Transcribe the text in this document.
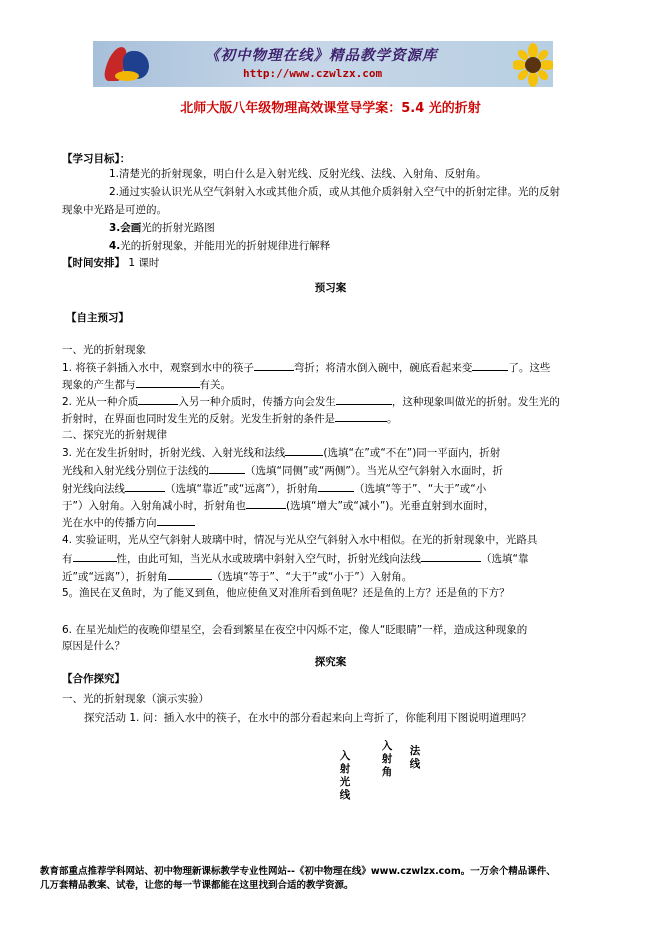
《初中物理在线》精品教学资源库
http://www.czwlzx.com
北师大版八年级物理高效课堂导学案：5.4 光的折射
【学习目标】：
1.清楚光的折射现象，明白什么是入射光线、反射光线、法线、入射角、反射角。
2.通过实验认识光从空气斜射入水或其他介质，或从其他介质斜射入空气中的折射定律。光的反射
现象中光路是可逆的。
3.会画光的折射光路图
4.光的折射现象，并能用光的折射规律进行解释
【时间安排】 1 课时
预习案
【自主预习】
一、光的折射现象
1. 将筷子斜插入水中，观察到水中的筷子	弯折；将清水倒入碗中，碗底看起来变	了。这些
现象的产生都与	有关。
2. 光从一种介质	入另一种介质时，传播方向会发生	，这种现象叫做光的折射。发生光的
折射时，在界面也同时发生光的反射。光发生折射的条件是	。
二、探究光的折射规律
3. 光在发生折射时，折射光线、入射光线和法线	(选填“在”或“不在”)同一平面内，折射
光线和入射光线分别位于法线的	（选填“同侧”或“两侧”）。当光从空气斜射入水面时，折
射光线向法线	（选填“靠近”或“远离”），折射角	（选填“等于”、“大于”或“小
于”）入射角。入射角减小时，折射角也	(选填“增大”或“减小”)。光垂直射到水面时，
光在水中的传播方向
4. 实验证明，光从空气斜射人玻璃中时，情况与光从空气斜射入水中相似。在光的折射现象中，光路具
有	性，由此可知，当光从水或玻璃中斜射入空气时，折射光线向法线	（选填“靠
近”或“远离”），折射角	（选填“等于”、“大于”或“小于”）入射角。
5。渔民在叉鱼时，为了能叉到鱼，他应使鱼叉对准所看到鱼呢？还是鱼的上方？还是鱼的下方？
6. 在星光灿烂的夜晚仰望星空，会看到繁星在夜空中闪烁不定，像人“眨眼睛”一样，造成这种现象的
原因是什么？
探究案
【合作探究】
一、光的折射现象（演示实验）
探究活动 1. 问：插入水中的筷子，在水中的部分看起来向上弯折了，你能利用下图说明道理吗？
入
射
光
线
入
射
角
法
线
教育部重点推荐学科网站、初中物理新课标教学专业性网站--《初中物理在线》www.czwlzx.com。一万余个精品课件、
几万套精品教案、试卷，让您的每一节课都能在这里找到合适的教学资源。
